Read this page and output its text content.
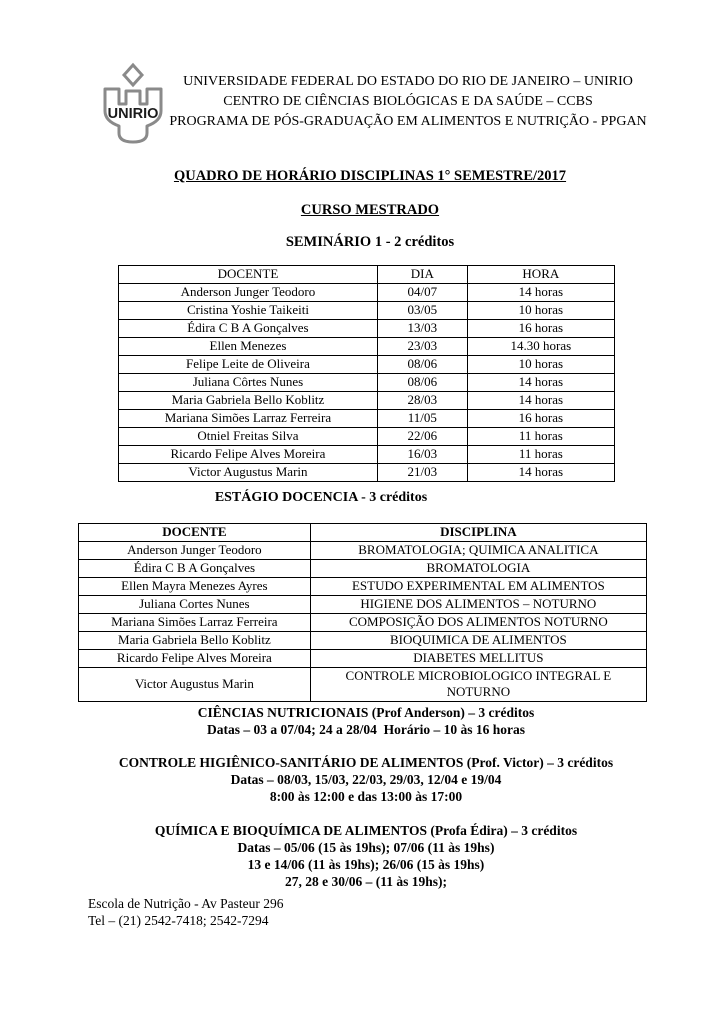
UNIRIO
UNIVERSIDADE FEDERAL DO ESTADO DO RIO DE JANEIRO – UNIRIO
CENTRO DE CIÊNCIAS BIOLÓGICAS E DA SAÚDE – CCBS
PROGRAMA DE PÓS-GRADUAÇÃO EM ALIMENTOS E NUTRIÇÃO - PPGAN
QUADRO DE HORÁRIO DISCIPLINAS 1° SEMESTRE/2017
CURSO MESTRADO
SEMINÁRIO 1 - 2 créditos
DOCENTE	DIA	HORA
Anderson Junger Teodoro	04/07	14 horas
Cristina Yoshie Taikeiti	03/05	10 horas
Édira C B A Gonçalves	13/03	16 horas
Ellen Menezes	23/03	14.30 horas
Felipe Leite de Oliveira	08/06	10 horas
Juliana Côrtes Nunes	08/06	14 horas
Maria Gabriela Bello Koblitz	28/03	14 horas
Mariana Simões Larraz Ferreira	11/05	16 horas
Otniel Freitas Silva	22/06	11 horas
Ricardo Felipe Alves Moreira	16/03	11 horas
Victor Augustus Marin	21/03	14 horas
ESTÁGIO DOCENCIA - 3 créditos
DOCENTE	DISCIPLINA
Anderson Junger Teodoro	BROMATOLOGIA; QUIMICA ANALITICA
Édira C B A Gonçalves	BROMATOLOGIA
Ellen Mayra Menezes Ayres	ESTUDO EXPERIMENTAL EM ALIMENTOS
Juliana Cortes Nunes	HIGIENE DOS ALIMENTOS – NOTURNO
Mariana Simões Larraz Ferreira	COMPOSIÇÃO DOS ALIMENTOS NOTURNO
Maria Gabriela Bello Koblitz	BIOQUIMICA DE ALIMENTOS
Ricardo Felipe Alves Moreira	DIABETES MELLITUS
Victor Augustus Marin	CONTROLE MICROBIOLOGICO INTEGRAL E NOTURNO
CIÊNCIAS NUTRICIONAIS (Prof Anderson) – 3 créditos
Datas – 03 a 07/04; 24 a 28/04  Horário – 10 às 16 horas
CONTROLE HIGIÊNICO-SANITÁRIO DE ALIMENTOS (Prof. Victor) – 3 créditos
Datas – 08/03, 15/03, 22/03, 29/03, 12/04 e 19/04
8:00 às 12:00 e das 13:00 às 17:00
QUÍMICA E BIOQUÍMICA DE ALIMENTOS (Profa Édira) – 3 créditos
Datas – 05/06 (15 às 19hs); 07/06 (11 às 19hs)
13 e 14/06 (11 às 19hs); 26/06 (15 às 19hs)
27, 28 e 30/06 – (11 às 19hs);
Escola de Nutrição - Av Pasteur 296
Tel – (21) 2542-7418; 2542-7294
